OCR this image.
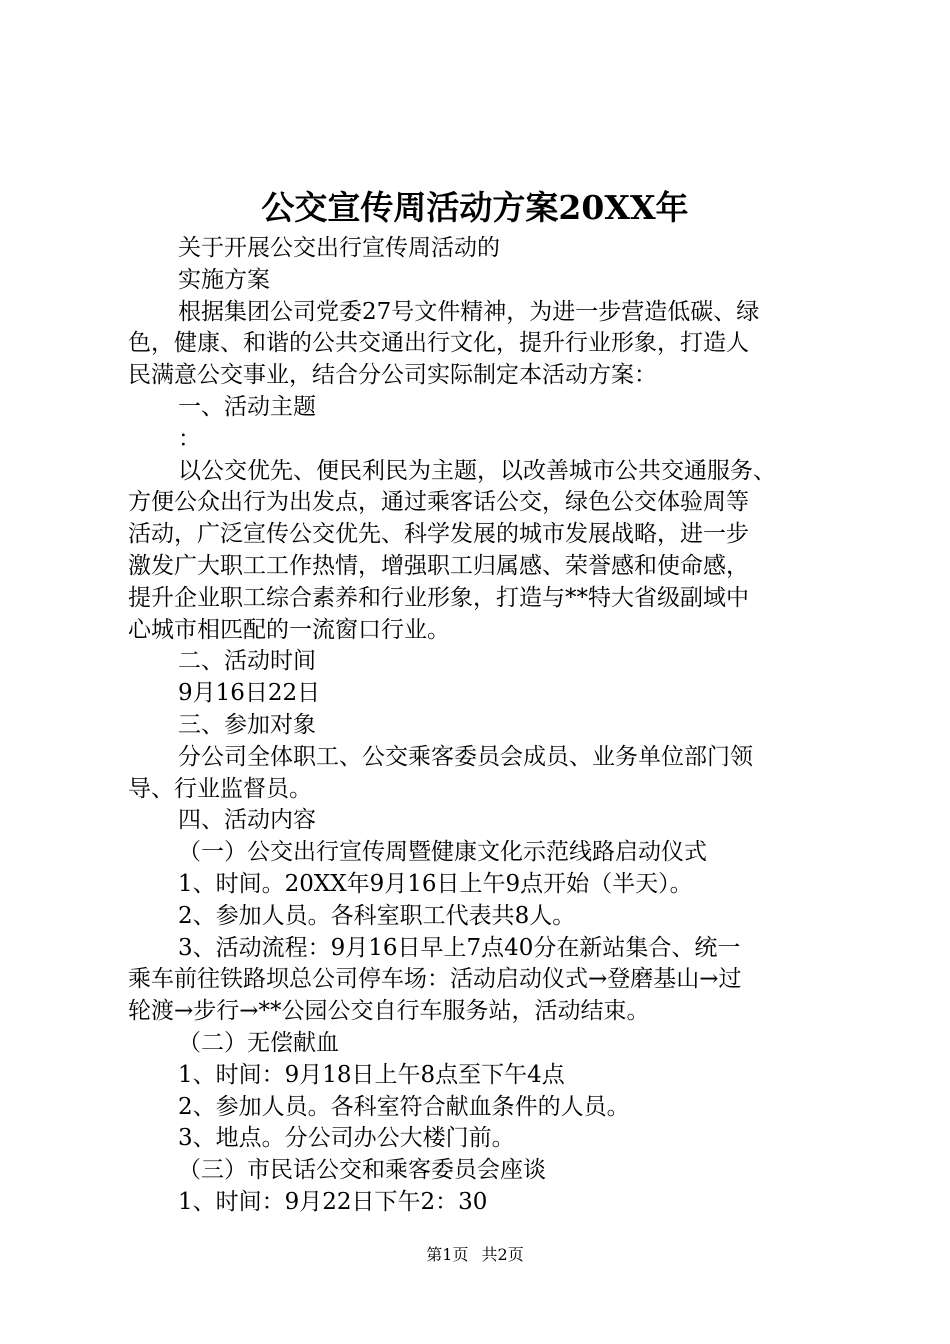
公交宣传周活动方案20XX年
关于开展公交出行宣传周活动的
实施方案
根据集团公司党委27号文件精神，为进一步营造低碳、绿
色，健康、和谐的公共交通出行文化，提升行业形象，打造人
民满意公交事业，结合分公司实际制定本活动方案：
一、活动主题
：
以公交优先、便民利民为主题，以改善城市公共交通服务、
方便公众出行为出发点，通过乘客话公交，绿色公交体验周等
活动，广泛宣传公交优先、科学发展的城市发展战略，进一步
激发广大职工工作热情，增强职工归属感、荣誉感和使命感，
提升企业职工综合素养和行业形象，打造与**特大省级副域中
心城市相匹配的一流窗口行业。
二、活动时间
9月16日22日
三、参加对象
分公司全体职工、公交乘客委员会成员、业务单位部门领
导、行业监督员。
四、活动内容
（一）公交出行宣传周暨健康文化示范线路启动仪式
1、时间。20XX年9月16日上午9点开始（半天）。
2、参加人员。各科室职工代表共8人。
3、活动流程：9月16日早上7点40分在新站集合、统一
乘车前往铁路坝总公司停车场：活动启动仪式→登磨基山→过
轮渡→步行→**公园公交自行车服务站，活动结束。
（二）无偿献血
1、时间：9月18日上午8点至下午4点
2、参加人员。各科室符合献血条件的人员。
3、地点。分公司办公大楼门前。
（三）市民话公交和乘客委员会座谈
1、时间：9月22日下午2：30
第1页 共2页
